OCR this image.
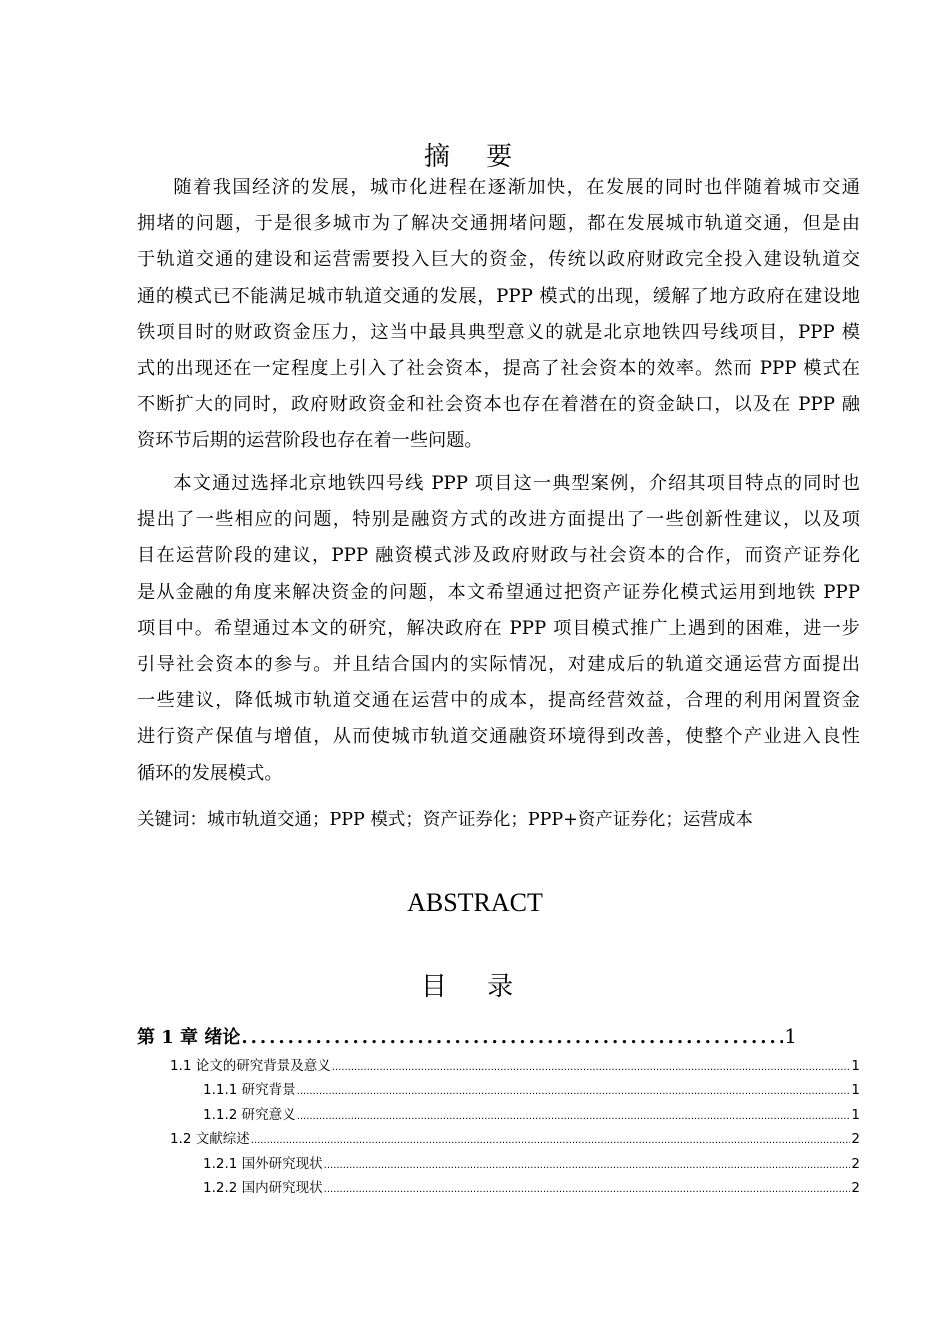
摘 要
随着我国经济的发展，城市化进程在逐渐加快，在发展的同时也伴随着城市交通
拥堵的问题，于是很多城市为了解决交通拥堵问题，都在发展城市轨道交通，但是由
于轨道交通的建设和运营需要投入巨大的资金，传统以政府财政完全投入建设轨道交
通的模式已不能满足城市轨道交通的发展，PPP 模式的出现，缓解了地方政府在建设地
铁项目时的财政资金压力，这当中最具典型意义的就是北京地铁四号线项目，PPP 模
式的出现还在一定程度上引入了社会资本，提高了社会资本的效率。然而 PPP 模式在
不断扩大的同时，政府财政资金和社会资本也存在着潜在的资金缺口，以及在 PPP 融
资环节后期的运营阶段也存在着一些问题。
本文通过选择北京地铁四号线 PPP 项目这一典型案例，介绍其项目特点的同时也
提出了一些相应的问题，特别是融资方式的改进方面提出了一些创新性建议，以及项
目在运营阶段的建议，PPP 融资模式涉及政府财政与社会资本的合作，而资产证券化
是从金融的角度来解决资金的问题，本文希望通过把资产证券化模式运用到地铁 PPP
项目中。希望通过本文的研究，解决政府在 PPP 项目模式推广上遇到的困难，进一步
引导社会资本的参与。并且结合国内的实际情况，对建成后的轨道交通运营方面提出
一些建议，降低城市轨道交通在运营中的成本，提高经营效益，合理的利用闲置资金
进行资产保值与增值，从而使城市轨道交通融资环境得到改善，使整个产业进入良性
循环的发展模式。
关键词：城市轨道交通；PPP 模式；资产证券化；PPP+资产证券化；运营成本
ABSTRACT
目 录
第 1 章 绪论 .....	1
1.1 论文的研究背景及意义 .....	1
1.1.1 研究背景 .....	1
1.1.2 研究意义 .....	1
1.2 文献综述 .....	2
1.2.1 国外研究现状 .....	2
1.2.2 国内研究现状 .....	2
